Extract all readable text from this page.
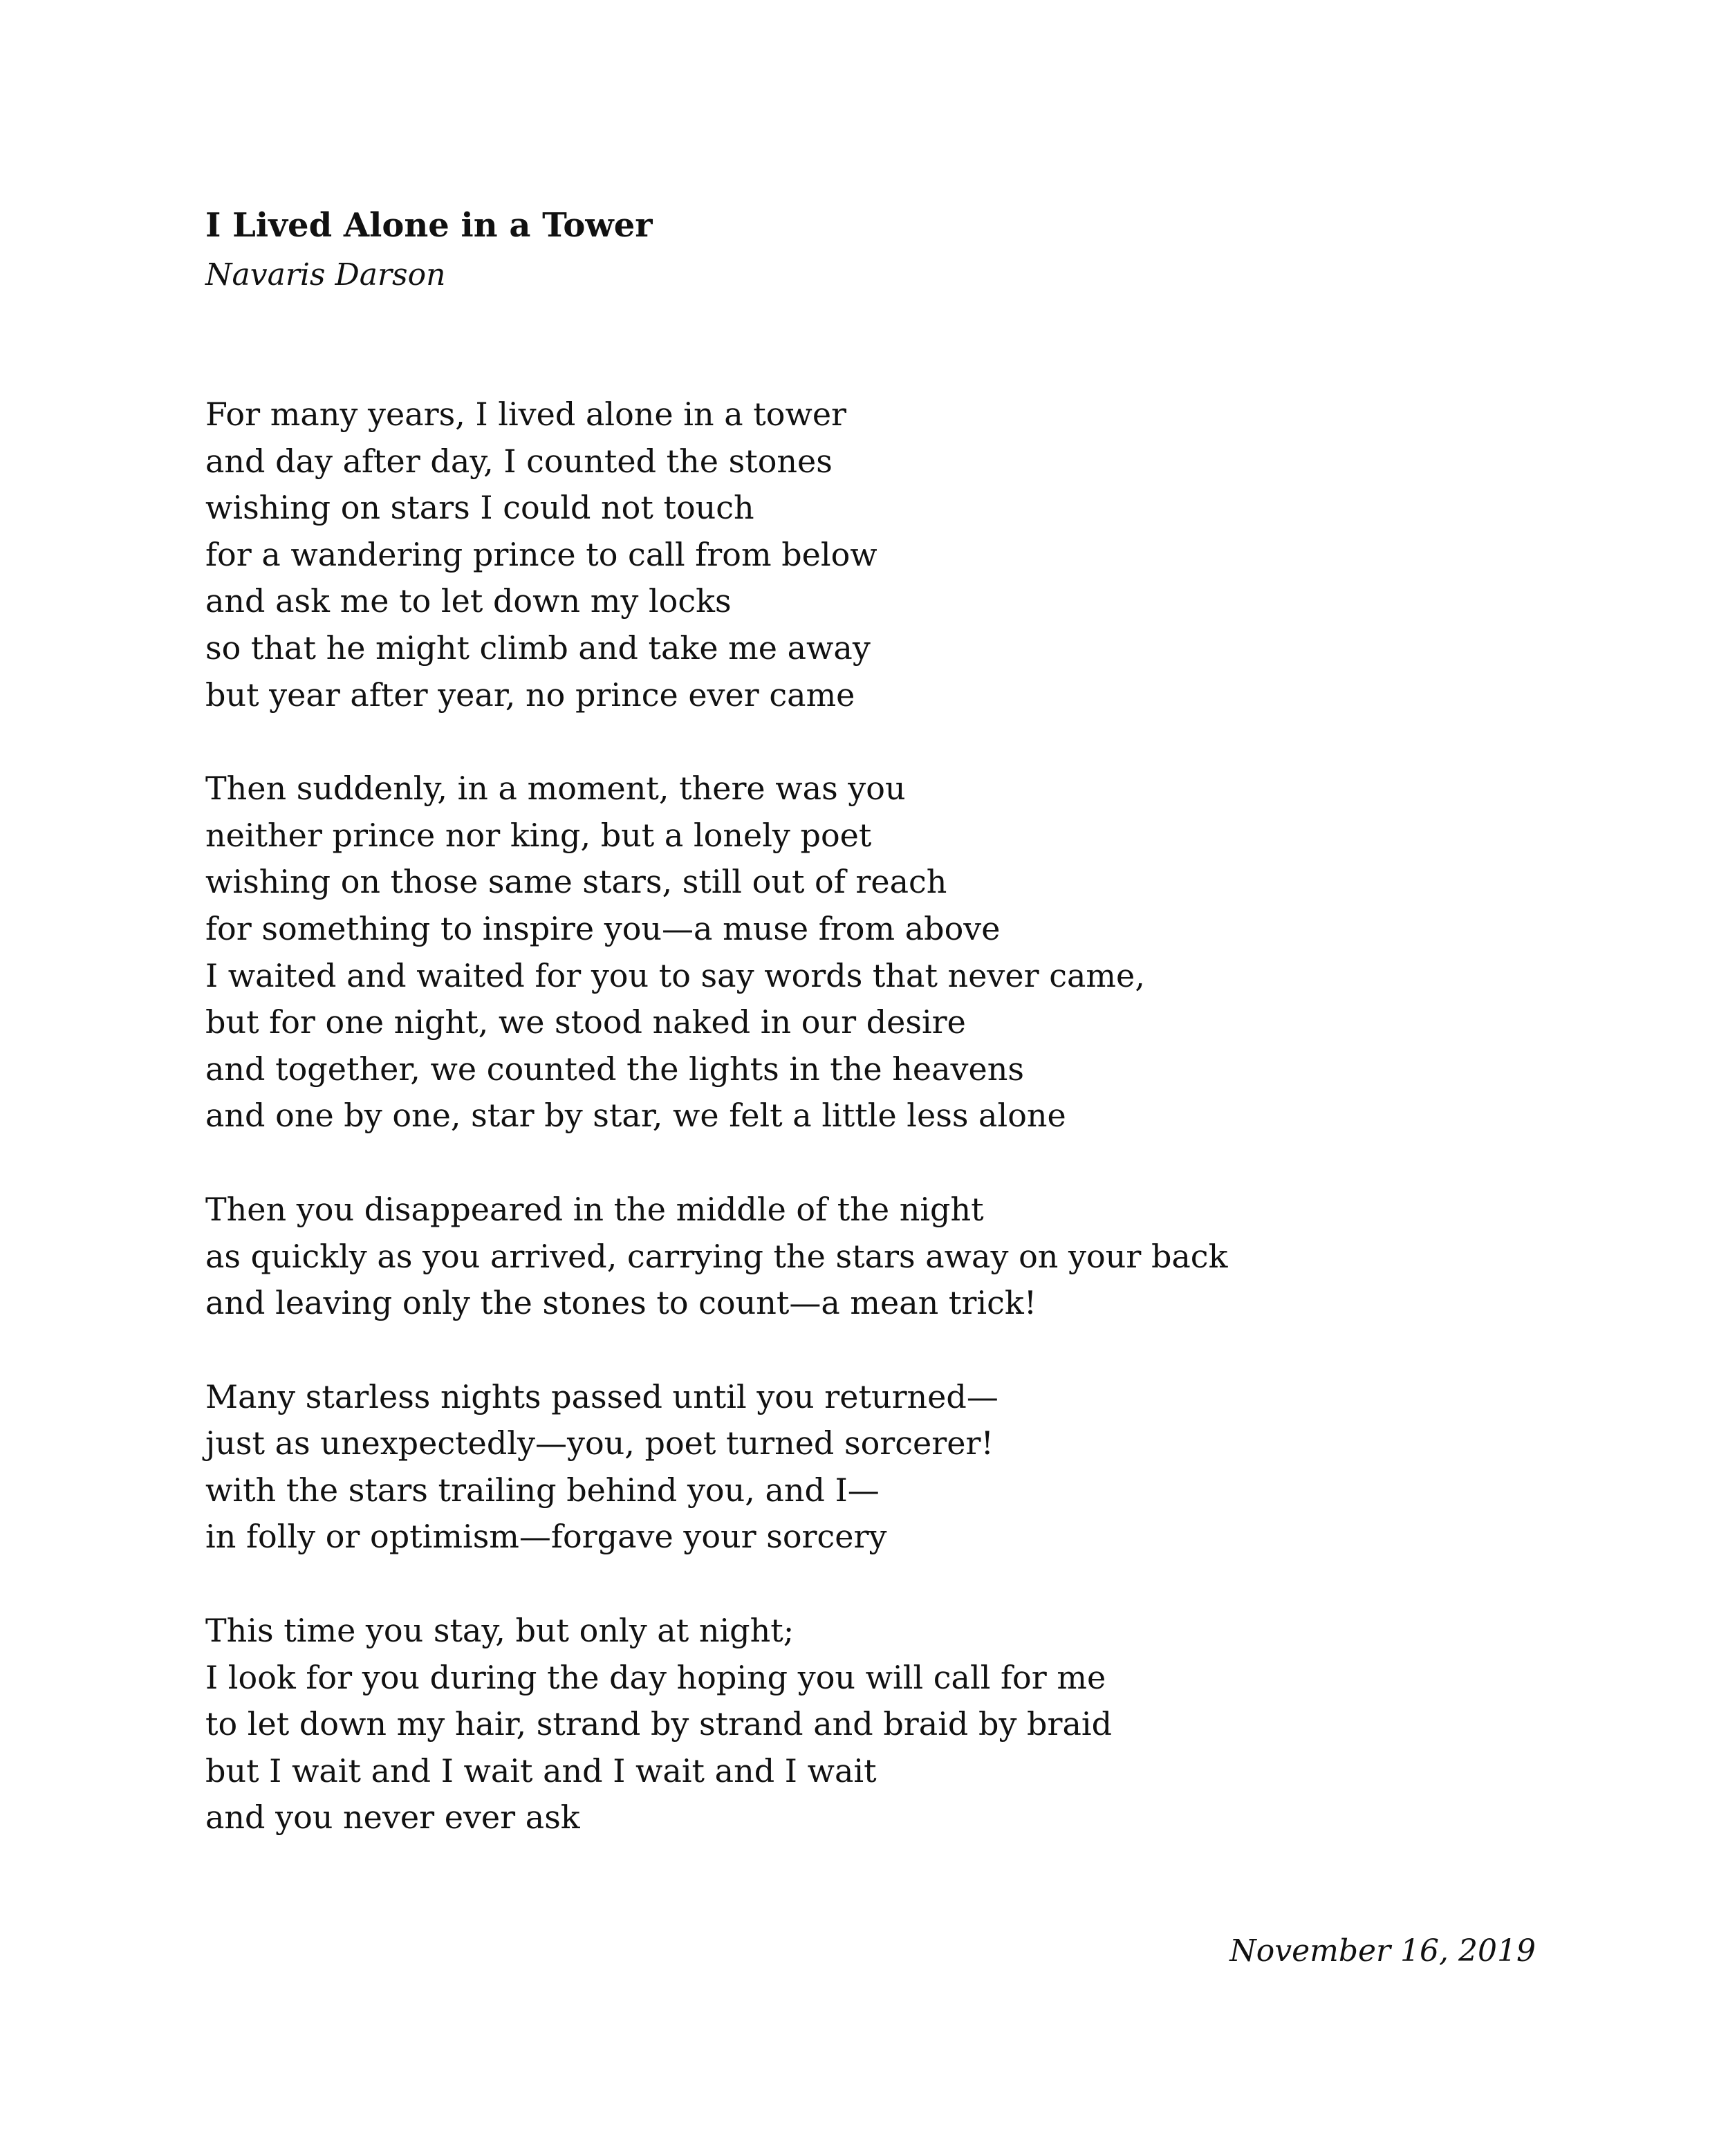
I Lived Alone in a Tower
Navaris Darson
For many years, I lived alone in a tower
and day after day, I counted the stones
wishing on stars I could not touch
for a wandering prince to call from below
and ask me to let down my locks
so that he might climb and take me away
but year after year, no prince ever came
Then suddenly, in a moment, there was you
neither prince nor king, but a lonely poet
wishing on those same stars, still out of reach
for something to inspire you—a muse from above
I waited and waited for you to say words that never came,
but for one night, we stood naked in our desire
and together, we counted the lights in the heavens
and one by one, star by star, we felt a little less alone
Then you disappeared in the middle of the night
as quickly as you arrived, carrying the stars away on your back
and leaving only the stones to count—a mean trick!
Many starless nights passed until you returned—
just as unexpectedly—you, poet turned sorcerer!
with the stars trailing behind you, and I—
in folly or optimism—forgave your sorcery
This time you stay, but only at night;
I look for you during the day hoping you will call for me
to let down my hair, strand by strand and braid by braid
but I wait and I wait and I wait and I wait
and you never ever ask
November 16, 2019
